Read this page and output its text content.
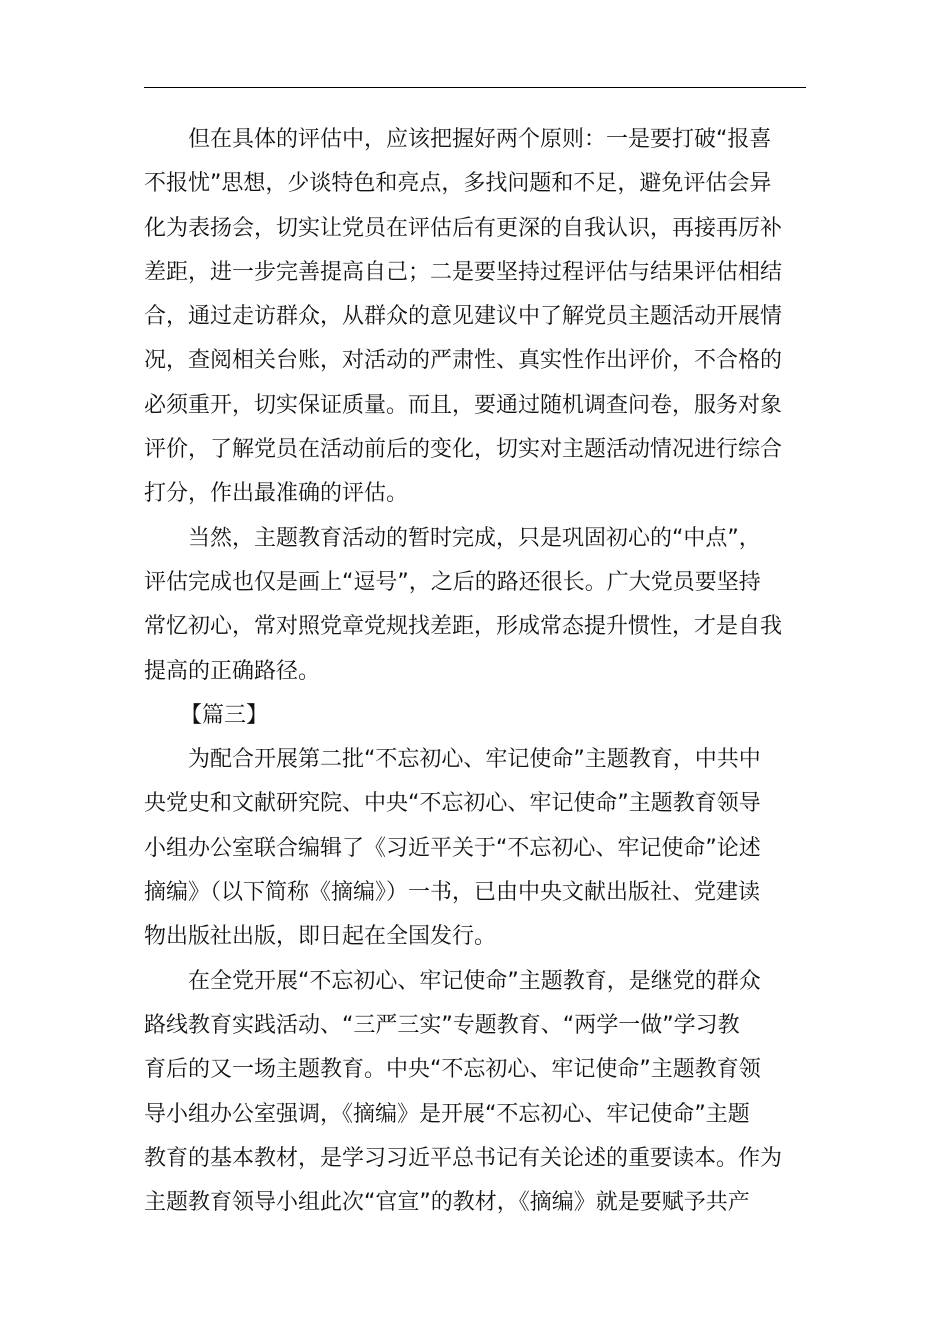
但在具体的评估中，应该把握好两个原则：一是要打破“报喜
不报忧”思想，少谈特色和亮点，多找问题和不足，避免评估会异
化为表扬会，切实让党员在评估后有更深的自我认识，再接再厉补
差距，进一步完善提高自己；二是要坚持过程评估与结果评估相结
合，通过走访群众，从群众的意见建议中了解党员主题活动开展情
况，查阅相关台账，对活动的严肃性、真实性作出评价，不合格的
必须重开，切实保证质量。而且，要通过随机调查问卷，服务对象
评价，了解党员在活动前后的变化，切实对主题活动情况进行综合
打分，作出最准确的评估。
当然，主题教育活动的暂时完成，只是巩固初心的“中点”，
评估完成也仅是画上“逗号”，之后的路还很长。广大党员要坚持
常忆初心，常对照党章党规找差距，形成常态提升惯性，才是自我
提高的正确路径。
【篇三】
为配合开展第二批“不忘初心、牢记使命”主题教育，中共中
央党史和文献研究院、中央“不忘初心、牢记使命”主题教育领导
小组办公室联合编辑了《习近平关于“不忘初心、牢记使命”论述
摘编》（以下简称《摘编》）一书，已由中央文献出版社、党建读
物出版社出版，即日起在全国发行。
在全党开展“不忘初心、牢记使命”主题教育，是继党的群众
路线教育实践活动、“三严三实”专题教育、“两学一做”学习教
育后的又一场主题教育。中央“不忘初心、牢记使命”主题教育领
导小组办公室强调，《摘编》是开展“不忘初心、牢记使命”主题
教育的基本教材，是学习习近平总书记有关论述的重要读本。作为
主题教育领导小组此次“官宣”的教材，《摘编》就是要赋予共产
